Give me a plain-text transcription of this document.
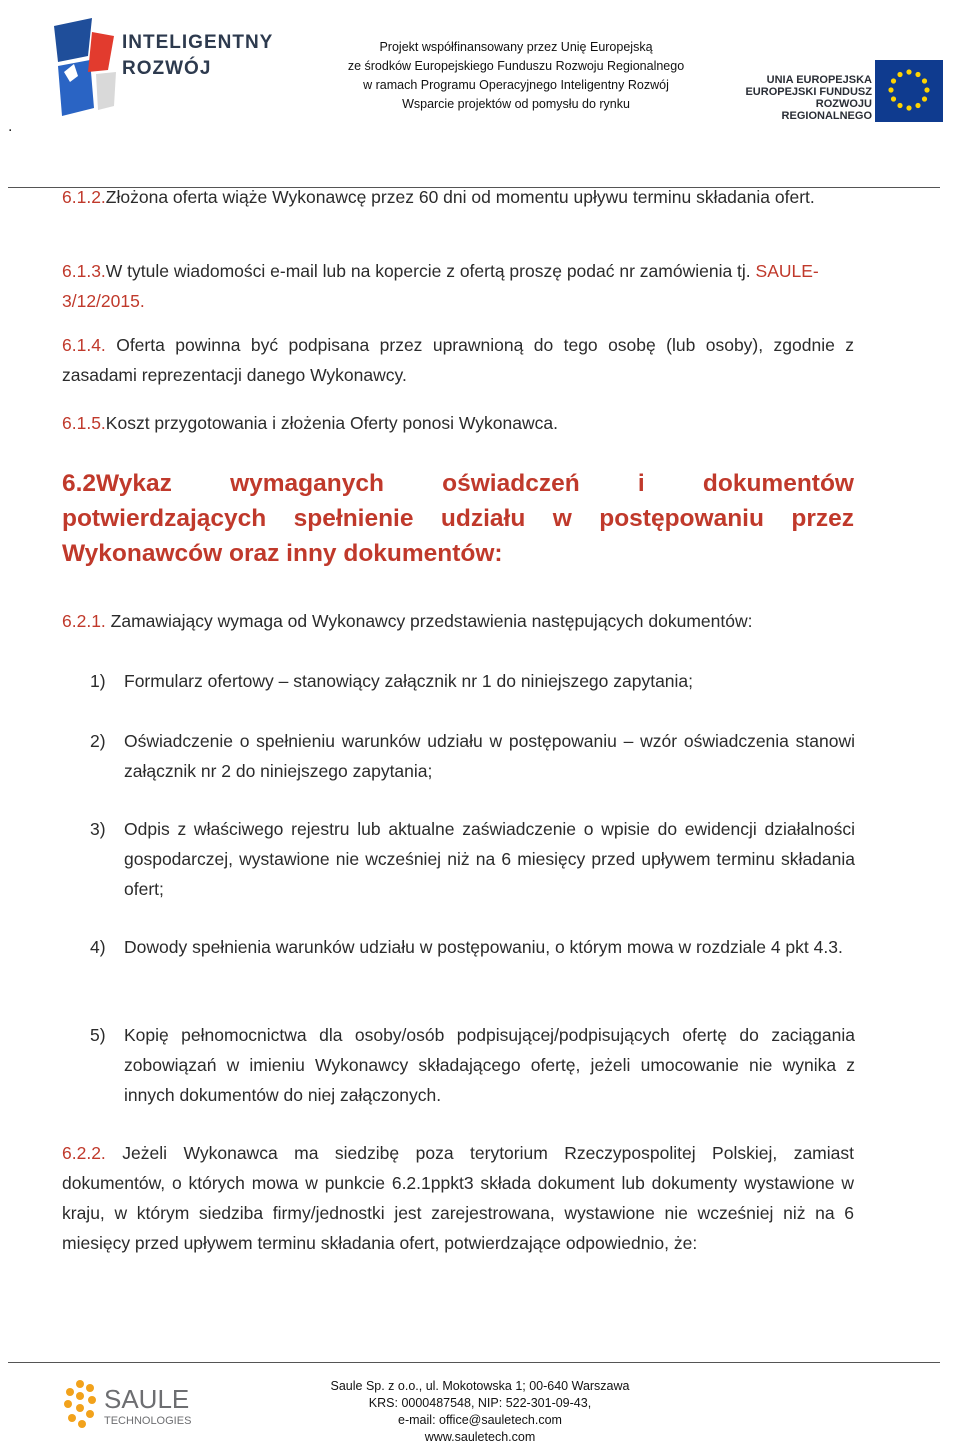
.
INTELIGENTNY
ROZWÓJ
Projekt współfinansowany przez Unię Europejską
ze środków Europejskiego Funduszu Rozwoju Regionalnego
w ramach Programu Operacyjnego Inteligentny Rozwój
Wsparcie projektów od pomysłu do rynku
UNIA EUROPEJSKA
EUROPEJSKI FUNDUSZ
ROZWOJU REGIONALNEGO
6.1.2.Złożona oferta wiąże Wykonawcę przez 60 dni od momentu upływu terminu składania ofert.
6.1.3.W tytule wiadomości e-mail lub na kopercie z ofertą proszę podać nr zamówienia tj. SAULE-
3/12/2015.
6.1.4. Oferta powinna być podpisana przez uprawnioną do tego osobę (lub osoby), zgodnie z zasadami reprezentacji danego Wykonawcy.
6.1.5.Koszt przygotowania i złożenia Oferty ponosi Wykonawca.
6.2Wykaz wymaganych oświadczeń i dokumentów
potwierdzających spełnienie udziału w postępowaniu przez
Wykonawców oraz inny dokumentów:
6.2.1. Zamawiający wymaga od Wykonawcy przedstawienia następujących dokumentów:
1) Formularz ofertowy – stanowiący załącznik nr 1 do niniejszego zapytania;
2) Oświadczenie o spełnieniu warunków udziału w postępowaniu – wzór oświadczenia stanowi załącznik nr 2 do niniejszego zapytania;
3) Odpis z właściwego rejestru lub aktualne zaświadczenie o wpisie do ewidencji działalności gospodarczej, wystawione nie wcześniej niż na 6 miesięcy przed upływem terminu składania ofert;
4) Dowody spełnienia warunków udziału w postępowaniu, o którym mowa w rozdziale 4 pkt 4.3.
5) Kopię pełnomocnictwa dla osoby/osób podpisującej/podpisujących ofertę do zaciągania zobowiązań w imieniu Wykonawcy składającego ofertę, jeżeli umocowanie nie wynika z innych dokumentów do niej załączonych.
6.2.2. Jeżeli Wykonawca ma siedzibę poza terytorium Rzeczypospolitej Polskiej, zamiast dokumentów, o których mowa w punkcie 6.2.1ppkt3 składa dokument lub dokumenty wystawione w kraju, w którym siedziba firmy/jednostki jest zarejestrowana, wystawione nie wcześniej niż na 6 miesięcy przed upływem terminu składania ofert, potwierdzające odpowiednio, że:
SAULE
TECHNOLOGIES
Saule Sp. z o.o., ul. Mokotowska 1; 00-640 Warszawa
KRS: 0000487548, NIP: 522-301-09-43,
e-mail: office@sauletech.com
www.sauletech.com
